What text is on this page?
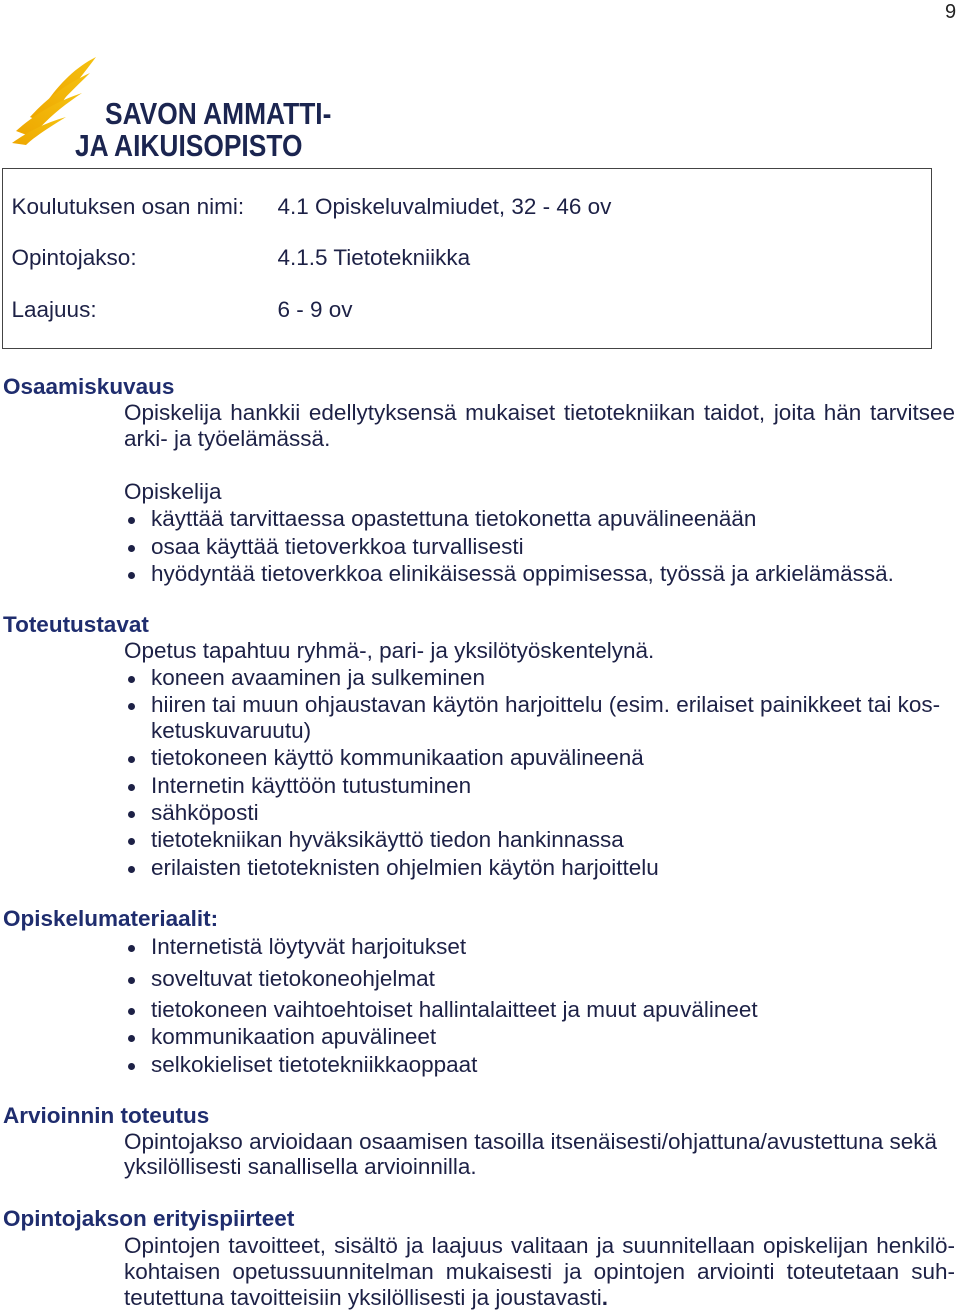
9
SAVON AMMATTI-
JA AIKUISOPISTO
Koulutuksen osan nimi: 4.1 Opiskeluvalmiudet, 32 - 46 ov
Opintojakso:	4.1.5 Tietotekniikka
Laajuus:	6 - 9 ov
Osaamiskuvaus
Opiskelija hankkii edellytyksensä mukaiset tietotekniikan taidot, joita hän tarvitsee
arki- ja työelämässä.
Opiskelija
käyttää tarvittaessa opastettuna tietokonetta apuvälineenään
osaa käyttää tietoverkkoa turvallisesti
hyödyntää tietoverkkoa elinikäisessä oppimisessa, työssä ja arkielämässä.
Toteutustavat
Opetus tapahtuu ryhmä-, pari- ja yksilötyöskentelynä.
koneen avaaminen ja sulkeminen
hiiren tai muun ohjaustavan käytön harjoittelu (esim. erilaiset painikkeet tai kos-
ketuskuvaruutu)
tietokoneen käyttö kommunikaation apuvälineenä
Internetin käyttöön tutustuminen
sähköposti
tietotekniikan hyväksikäyttö tiedon hankinnassa
erilaisten tietoteknisten ohjelmien käytön harjoittelu
Opiskelumateriaalit:
Internetistä löytyvät harjoitukset
soveltuvat tietokoneohjelmat
tietokoneen vaihtoehtoiset hallintalaitteet ja muut apuvälineet
kommunikaation apuvälineet
selkokieliset tietotekniikkaoppaat
Arvioinnin toteutus
Opintojakso arvioidaan osaamisen tasoilla itsenäisesti/ohjattuna/avustettuna sekä
yksilöllisesti sanallisella arvioinnilla.
Opintojakson erityispiirteet
Opintojen tavoitteet, sisältö ja laajuus valitaan ja suunnitellaan opiskelijan henkilö-
kohtaisen opetussuunnitelman mukaisesti ja opintojen arviointi toteutetaan suh-
teutettuna tavoitteisiin yksilöllisesti ja joustavasti.
